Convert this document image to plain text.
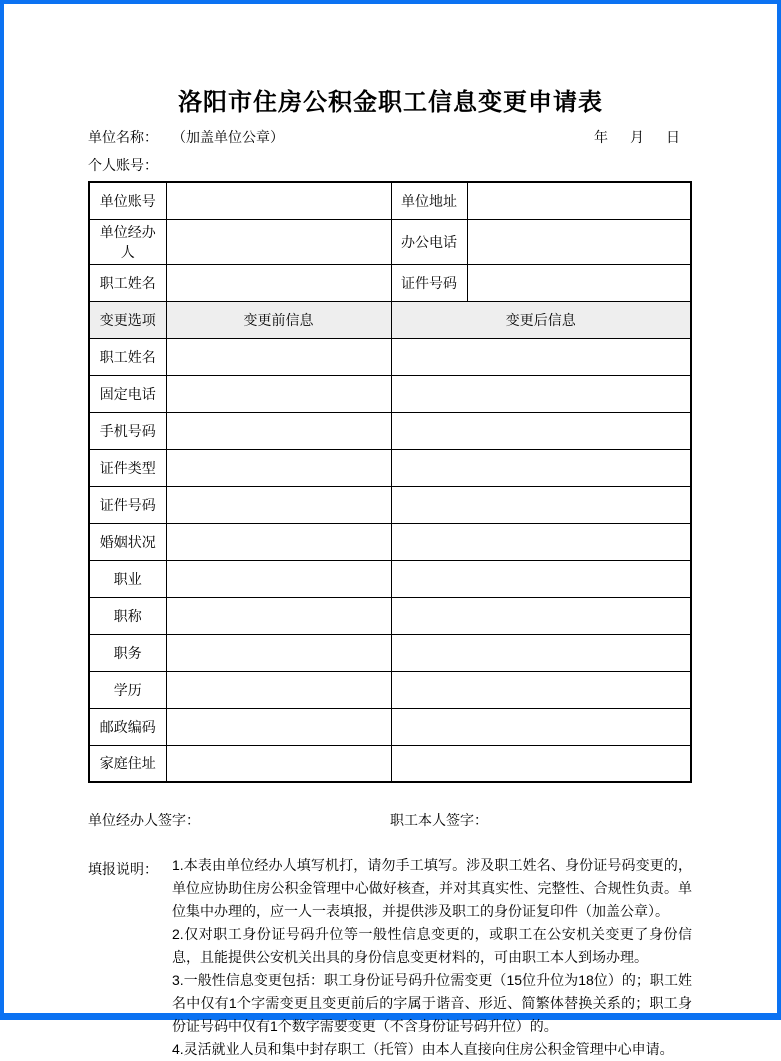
洛阳市住房公积金职工信息变更申请表
单位名称： （加盖单位公章）	年 月 日
个人账号：
单位账号		单位地址	
单位经办人		办公电话	
职工姓名		证件号码	
变更选项	变更前信息	变更后信息	
职工姓名			
固定电话			
手机号码			
证件类型			
证件号码			
婚姻状况			
职业			
职称			
职务			
学历			
邮政编码			
家庭住址			
单位经办人签字：	职工本人签字：
填报说明：	1.本表由单位经办人填写机打，请勿手工填写。涉及职工姓名、身份证号码变更的，单位应协助住房公积金管理中心做好核查，并对其真实性、完整性、合规性负责。单位集中办理的，应一人一表填报，并提供涉及职工的身份证复印件（加盖公章）。

2.仅对职工身份证号码升位等一般性信息变更的，或职工在公安机关变更了身份信息，且能提供公安机关出具的身份信息变更材料的，可由职工本人到场办理。

3.一般性信息变更包括：职工身份证号码升位需变更（15位升位为18位）的；职工姓名中仅有1个字需变更且变更前后的字属于谐音、形近、简繁体替换关系的；职工身份证号码中仅有1个数字需要变更（不含身份证号码升位）的。

4.灵活就业人员和集中封存职工（托管）由本人直接向住房公积金管理中心申请。
